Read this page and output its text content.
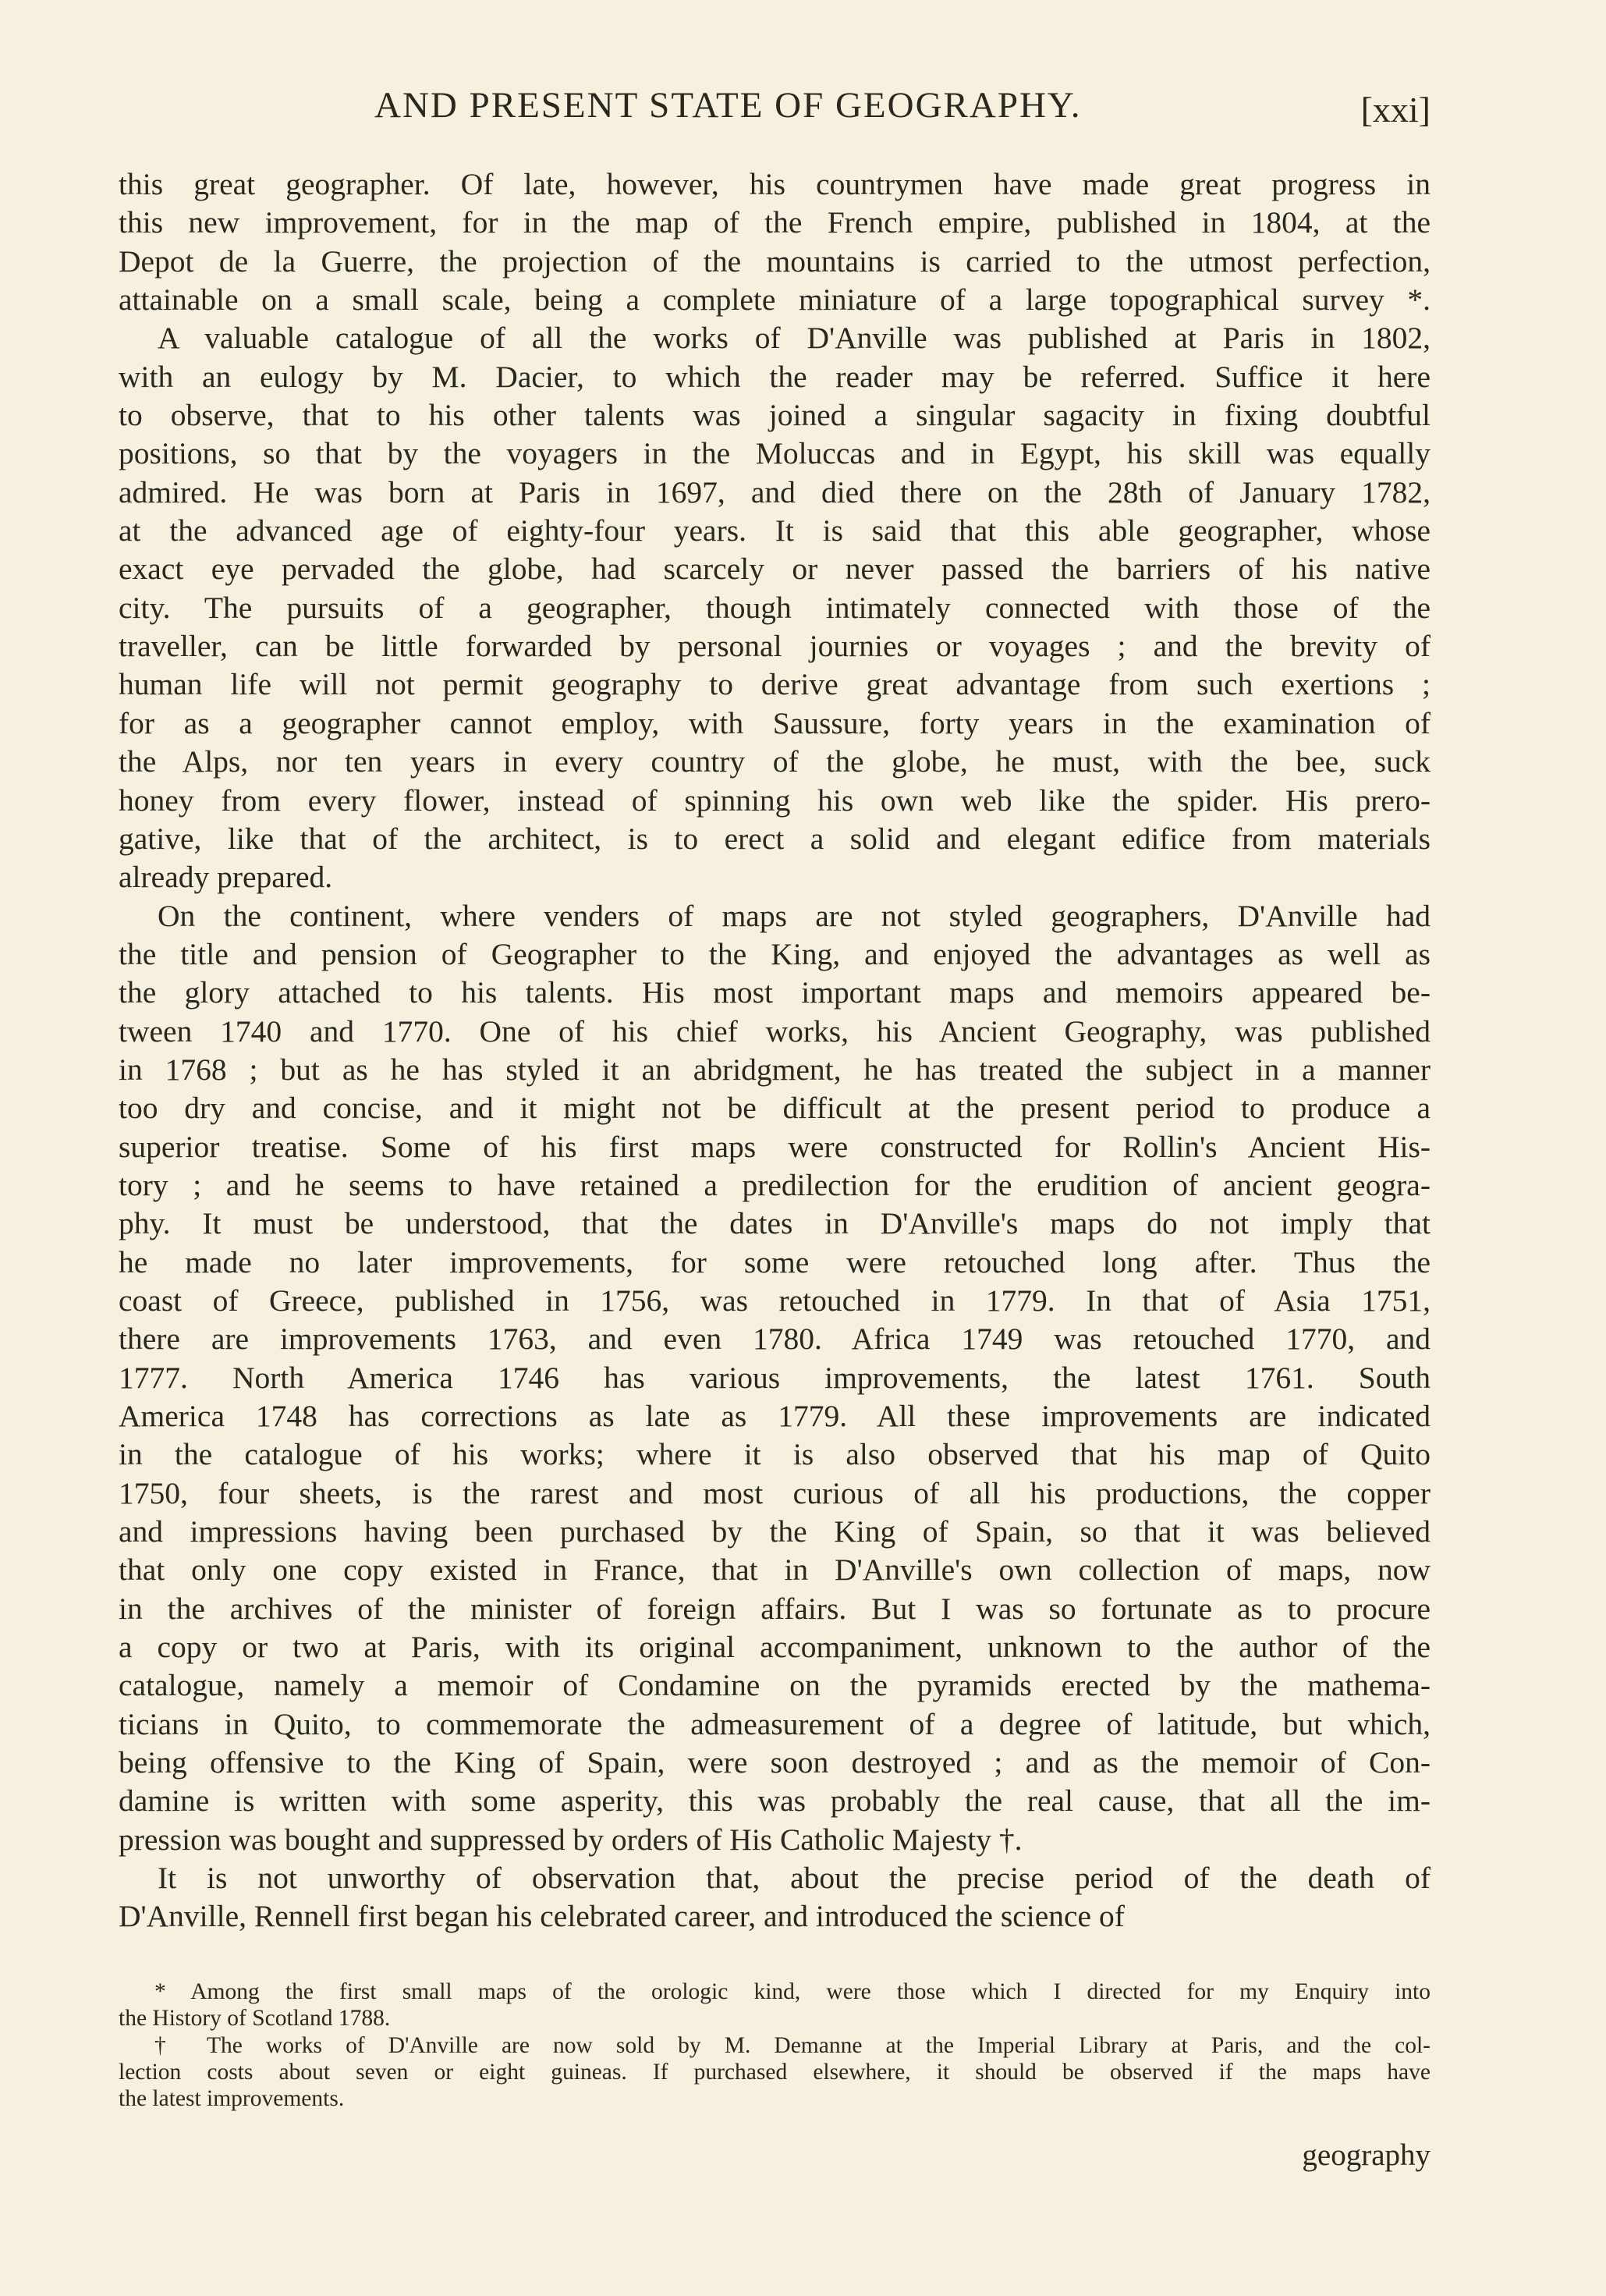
AND PRESENT STATE OF GEOGRAPHY.	[xxi]
this great geographer. Of late, however, his countrymen have made great progress in
this new improvement, for in the map of the French empire, published in 1804, at the
Depot de la Guerre, the projection of the mountains is carried to the utmost perfection,
attainable on a small scale, being a complete miniature of a large topographical survey *.
A valuable catalogue of all the works of D'Anville was published at Paris in 1802,
with an eulogy by M. Dacier, to which the reader may be referred. Suffice it here
to observe, that to his other talents was joined a singular sagacity in fixing doubtful
positions, so that by the voyagers in the Moluccas and in Egypt, his skill was equally
admired. He was born at Paris in 1697, and died there on the 28th of January 1782,
at the advanced age of eighty-four years. It is said that this able geographer, whose
exact eye pervaded the globe, had scarcely or never passed the barriers of his native
city. The pursuits of a geographer, though intimately connected with those of the
traveller, can be little forwarded by personal journies or voyages ; and the brevity of
human life will not permit geography to derive great advantage from such exertions ;
for as a geographer cannot employ, with Saussure, forty years in the examination of
the Alps, nor ten years in every country of the globe, he must, with the bee, suck
honey from every flower, instead of spinning his own web like the spider. His prero-
gative, like that of the architect, is to erect a solid and elegant edifice from materials
already prepared.
On the continent, where venders of maps are not styled geographers, D'Anville had
the title and pension of Geographer to the King, and enjoyed the advantages as well as
the glory attached to his talents. His most important maps and memoirs appeared be-
tween 1740 and 1770. One of his chief works, his Ancient Geography, was published
in 1768 ; but as he has styled it an abridgment, he has treated the subject in a manner
too dry and concise, and it might not be difficult at the present period to produce a
superior treatise. Some of his first maps were constructed for Rollin's Ancient His-
tory ; and he seems to have retained a predilection for the erudition of ancient geogra-
phy. It must be understood, that the dates in D'Anville's maps do not imply that
he made no later improvements, for some were retouched long after. Thus the
coast of Greece, published in 1756, was retouched in 1779. In that of Asia 1751,
there are improvements 1763, and even 1780. Africa 1749 was retouched 1770, and
1777. North America 1746 has various improvements, the latest 1761. South
America 1748 has corrections as late as 1779. All these improvements are indicated
in the catalogue of his works; where it is also observed that his map of Quito
1750, four sheets, is the rarest and most curious of all his productions, the copper
and impressions having been purchased by the King of Spain, so that it was believed
that only one copy existed in France, that in D'Anville's own collection of maps, now
in the archives of the minister of foreign affairs. But I was so fortunate as to procure
a copy or two at Paris, with its original accompaniment, unknown to the author of the
catalogue, namely a memoir of Condamine on the pyramids erected by the mathema-
ticians in Quito, to commemorate the admeasurement of a degree of latitude, but which,
being offensive to the King of Spain, were soon destroyed ; and as the memoir of Con-
damine is written with some asperity, this was probably the real cause, that all the im-
pression was bought and suppressed by orders of His Catholic Majesty †.
It is not unworthy of observation that, about the precise period of the death of
D'Anville, Rennell first began his celebrated career, and introduced the science of
* Among the first small maps of the orologic kind, were those which I directed for my Enquiry into
the History of Scotland 1788.
† The works of D'Anville are now sold by M. Demanne at the Imperial Library at Paris, and the col-
lection costs about seven or eight guineas. If purchased elsewhere, it should be observed if the maps have
the latest improvements.
geography
